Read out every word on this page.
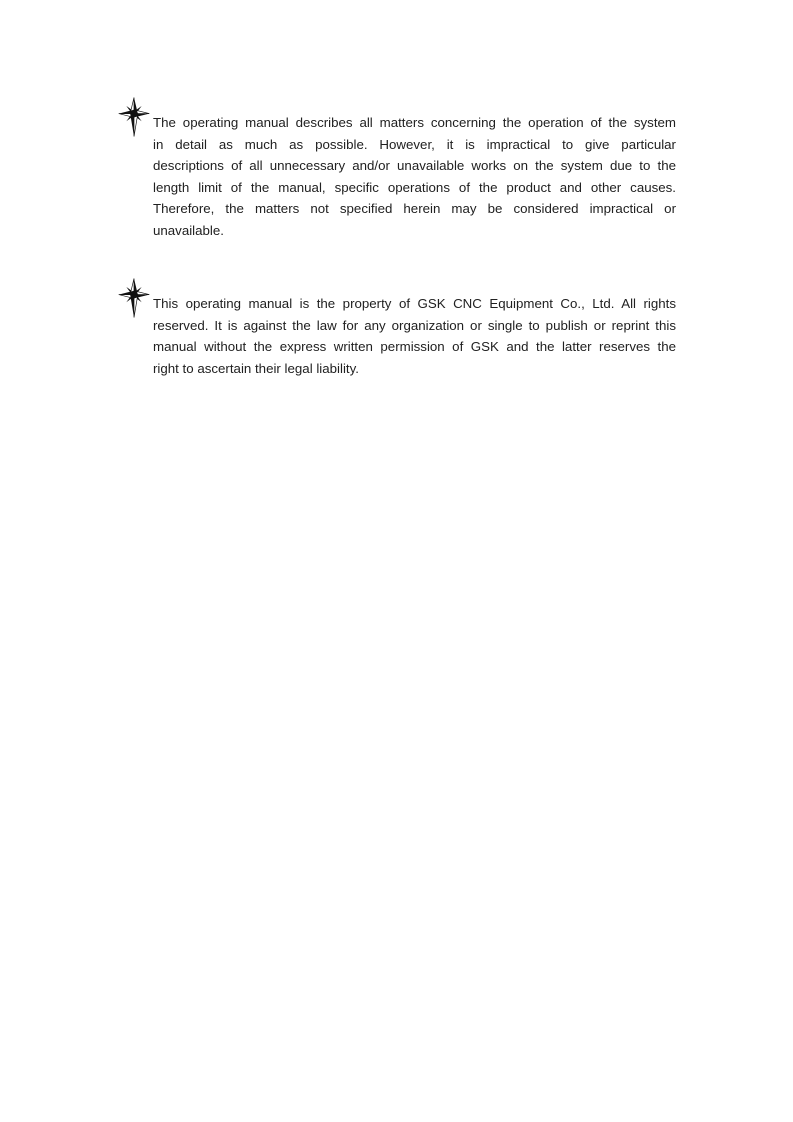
The operating manual describes all matters concerning the operation of the system
in detail as much as possible. However, it is impractical to give particular
descriptions of all unnecessary and/or unavailable works on the system due to the
length limit of the manual, specific operations of the product and other causes.
Therefore, the matters not specified herein may be considered impractical or
unavailable.
This operating manual is the property of GSK CNC Equipment Co., Ltd. All rights
reserved. It is against the law for any organization or single to publish or reprint this
manual without the express written permission of GSK and the latter reserves the
right to ascertain their legal liability.
